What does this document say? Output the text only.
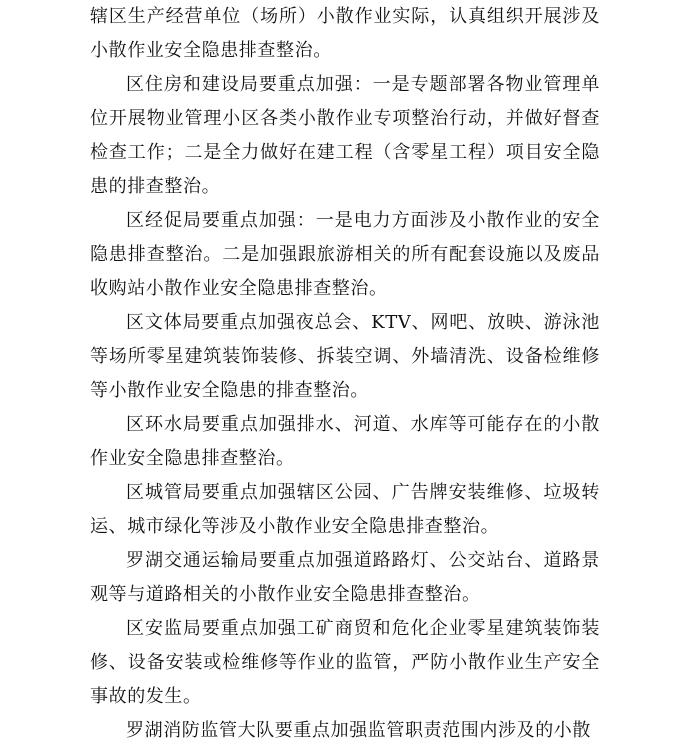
辖区生产经营单位（场所）小散作业实际，认真组织开展涉及小散作业安全隐患排查整治。

区住房和建设局要重点加强：一是专题部署各物业管理单位开展物业管理小区各类小散作业专项整治行动，并做好督查检查工作；二是全力做好在建工程（含零星工程）项目安全隐患的排查整治。

区经促局要重点加强：一是电力方面涉及小散作业的安全隐患排查整治。二是加强跟旅游相关的所有配套设施以及废品收购站小散作业安全隐患排查整治。

区文体局要重点加强夜总会、KTV、网吧、放映、游泳池等场所零星建筑装饰装修、拆装空调、外墙清洗、设备检维修等小散作业安全隐患的排查整治。

区环水局要重点加强排水、河道、水库等可能存在的小散作业安全隐患排查整治。

区城管局要重点加强辖区公园、广告牌安装维修、垃圾转运、城市绿化等涉及小散作业安全隐患排查整治。

罗湖交通运输局要重点加强道路路灯、公交站台、道路景观等与道路相关的小散作业安全隐患排查整治。

区安监局要重点加强工矿商贸和危化企业零星建筑装饰装修、设备安装或检维修等作业的监管，严防小散作业生产安全事故的发生。

罗湖消防监管大队要重点加强监管职责范围内涉及的小散
